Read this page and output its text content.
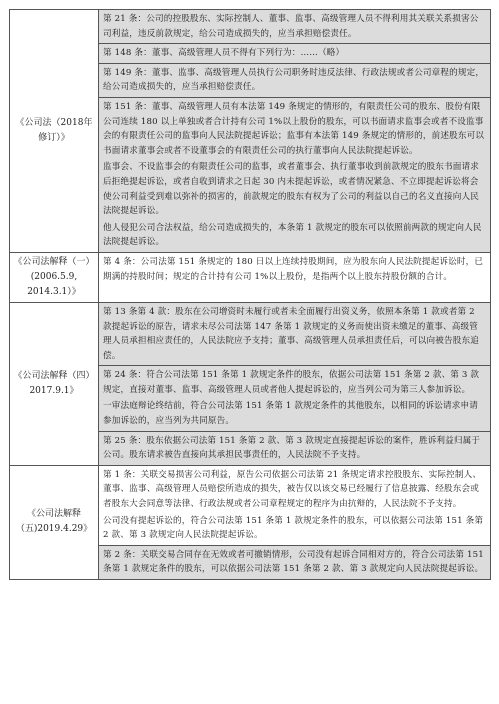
《公司法（2018年修订）》	第 21 条：公司的控股股东、实际控制人、董事、监事、高级管理人员不得利用其关联关系损害公司利益，违反前款规定，给公司造成损失的，应当承担赔偿责任。

	第 148 条：董事、高级管理人员不得有下列行为：……（略）

	第 149 条：董事、监事、高级管理人员执行公司职务时违反法律、行政法规或者公司章程的规定，给公司造成损失的，应当承担赔偿责任。

	第 151 条：董事、高级管理人员有本法第 149 条规定的情形的，有限责任公司的股东、股份有限公司连续 180 以上单独或者合计持有公司 1%以上股份的股东，可以书面请求监事会或者不设监事会的有限责任公司的监事向人民法院提起诉讼；监事有本法第 149 条规定的情形的，前述股东可以书面请求董事会或者不设董事会的有限责任公司的执行董事向人民法院提起诉讼。

监事会、不设监事会的有限责任公司的监事，或者董事会、执行董事收到前款规定的股东书面请求后拒绝提起诉讼，或者自收到请求之日起 30 内未提起诉讼，或者情况紧急、不立即提起诉讼将会使公司利益受到难以弥补的损害的，前款规定的股东有权为了公司的利益以自己的名义直接向人民法院提起诉讼。

他人侵犯公司合法权益，给公司造成损失的，本条第 1 款规定的股东可以依照前两款的规定向人民法院提起诉讼。

《公司法解释（一）(2006.5.9, 2014.3.1）》	第 4 条：公司法第 151 条规定的 180 日以上连续持股期间，应为股东向人民法院提起诉讼时，已期满的持股时间；规定的合计持有公司 1%以上股份，是指两个以上股东持股份额的合计。

《公司法解释（四）2017.9.1》	第 13 条第 4 款：股东在公司增资时未履行或者未全面履行出资义务，依照本条第 1 款或者第 2 款提起诉讼的原告，请求未尽公司法第 147 条第 1 款规定的义务而使出资未缴足的董事、高级管理人员承担相应责任的，人民法院应予支持；董事、高级管理人员承担责任后，可以向被告股东追偿。

	第 24 条：符合公司法第 151 条第 1 款规定条件的股东，依据公司法第 151 条第 2 款、第 3 款规定，直接对董事、监事、高级管理人员或者他人提起诉讼的，应当列公司为第三人参加诉讼。

一审法庭辩论终结前，符合公司法第 151 条第 1 款规定条件的其他股东，以相同的诉讼请求申请参加诉讼的，应当列为共同原告。

	第 25 条：股东依据公司法第 151 条第 2 款、第 3 款规定直接提起诉讼的案件，胜诉利益归属于公司。股东请求被告直接向其承担民事责任的，人民法院不予支持。

《公司法解释（五)2019.4.29》	第 1 条：关联交易损害公司利益，原告公司依据公司法第 21 条规定请求控股股东、实际控制人、董事、监事、高级管理人员赔偿所造成的损失，被告仅以该交易已经履行了信息披露、经股东会或者股东大会同意等法律、行政法规或者公司章程规定的程序为由抗辩的，人民法院不予支持。

公司没有提起诉讼的，符合公司法第 151 条第 1 款规定条件的股东，可以依据公司法第 151 条第 2 款、第 3 款规定向人民法院提起诉讼。

	第 2 条：关联交易合同存在无效或者可撤销情形，公司没有起诉合同相对方的，符合公司法第 151 条第 1 款规定条件的股东，可以依据公司法第 151 条第 2 款、第 3 款规定向人民法院提起诉讼。
